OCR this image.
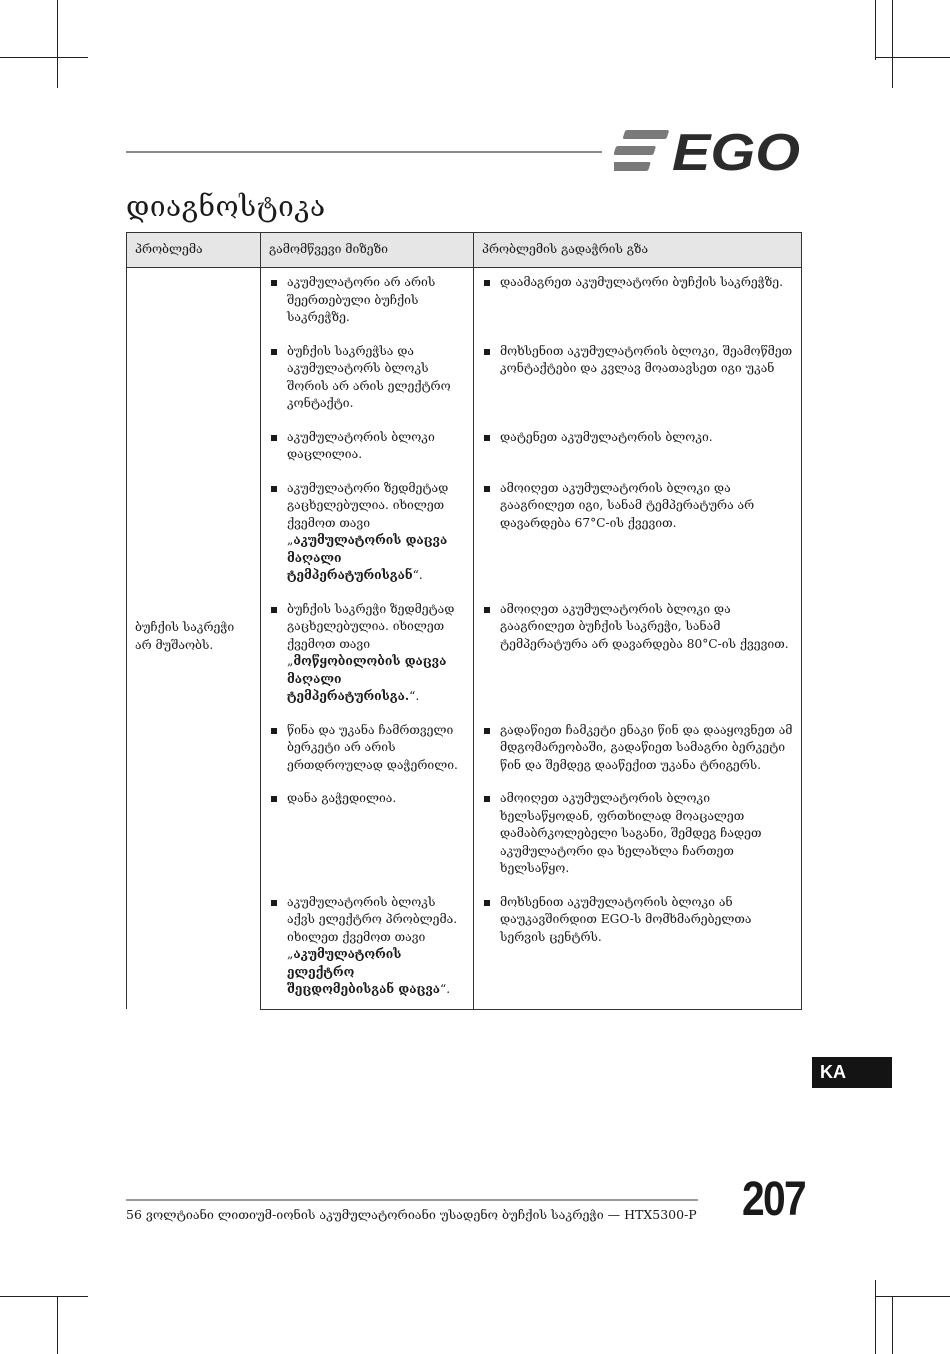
EGO
დიაგნოსტიკა
პრობლემა	გამომწვევი მიზეზი	პრობლემის გადაჭრის გზა
ბუჩქის საკრეჭი არ მუშაობს.	აკუმულატორი არ არის შეერთებული ბუჩქის საკრეჭზე.	დაამაგრეთ აკუმულატორი ბუჩქის საკრეჭზე.

	ბუჩქის საკრეჭსა და აკუმულატორს ბლოკს შორის არ არის ელექტრო კონტაქტი.	მოხსენით აკუმულატორის ბლოკი, შეამოწმეთ კონტაქტები და კვლავ მოათავსეთ იგი უკან

	აკუმულატორის ბლოკი დაცლილია.	დატენეთ აკუმულატორის ბლოკი.

	აკუმულატორი ზედმეტად გაცხელებულია. იხილეთ ქვემოთ თავი „აკუმულატორის დაცვა მაღალი ტემპერატურისგან“.	ამოიღეთ აკუმულატორის ბლოკი და გააგრილეთ იგი, სანამ ტემპერატურა არ დავარდება 67°C-ის ქვევით.

	ბუჩქის საკრეჭი ზედმეტად გაცხელებულია. იხილეთ ქვემოთ თავი „მოწყობილობის დაცვა მაღალი ტემპერატურისგა.“.	ამოიღეთ აკუმულატორის ბლოკი და გააგრილეთ ბუჩქის საკრეჭი, სანამ ტემპერატურა არ დავარდება 80°C-ის ქვევით.

	წინა და უკანა ჩამრთველი ბერკეტი არ არის ერთდროულად დაჭერილი.	გადაწიეთ ჩამკეტი ენაკი წინ და დააყოვნეთ ამ მდგომარეობაში, გადაწიეთ სამაგრი ბერკეტი წინ და შემდეგ დააწექით უკანა ტრიგერს.

	დანა გაჭედილია.	ამოიღეთ აკუმულატორის ბლოკი ხელსაწყოდან, ფრთხილად მოაცალეთ დამაბრკოლებელი საგანი, შემდეგ ჩადეთ აკუმულატორი და ხელახლა ჩართეთ ხელსაწყო.

	აკუმულატორის ბლოკს აქვს ელექტრო პრობლემა. იხილეთ ქვემოთ თავი „აკუმულატორის ელექტრო შეცდომებისგან დაცვა“.	მოხსენით აკუმულატორის ბლოკი ან დაუკავშირდით EGO-ს მომხმარებელთა სერვის ცენტრს.
KA
56 ვოლტიანი ლითიუმ-იონის აკუმულატორიანი უსადენო ბუჩქის საკრეჭი — HTX5300-P 207
